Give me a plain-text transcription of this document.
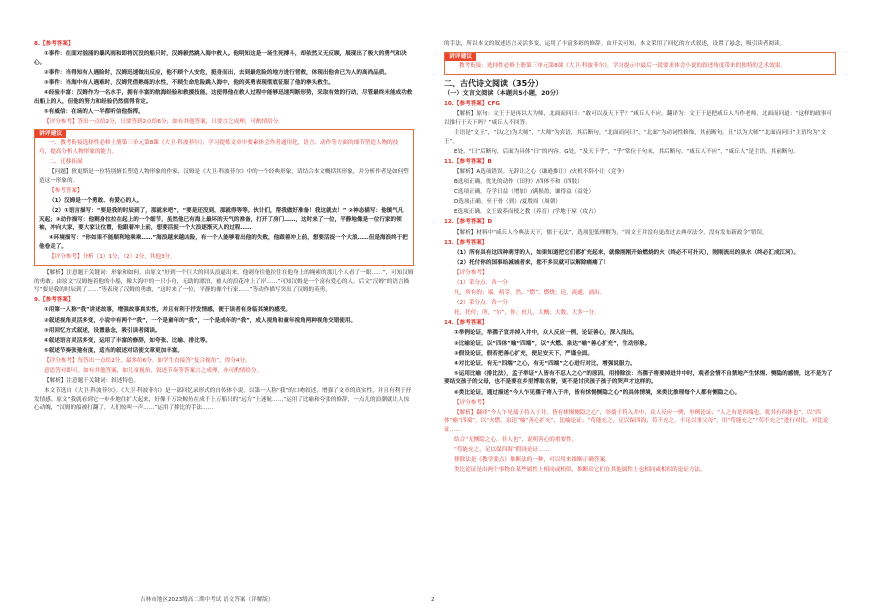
8.【参考答案】

①事件：在面对汹涌的暴风雨和即将沉没的船只时，汉姆毅然跳入海中救人。他明知这是一场生死搏斗，却依然义无反顾，展现出了极大的勇气和决心。

②事件：当得知有人遇险时，汉姆迅速做出反应，他不顾个人安危，挺身而出，去到最危险的地方进行营救，体现出他舍已为人的高尚品质。

③事件：当海中有人遇难时，汉姆凭借熟练的水性，不顾生命危险跳入海中，他的英勇表现彻底征服了他的拳头救生。

④经验丰富：汉姆作为一名水手，拥有丰富的航海经验和救援技能。这使得他在救人过程中能够迅速判断形势，采取有效的行动，尽管最终未能成功救出船上的人，但他的努力和经验仍然值得肯定。

⑤有威信：在场的人一半都听信他指挥。

【评分参考】答出一点给2分，只要答到2点给6分；如有其他答案，只要言之成理，可酌情给分。

讲评建议

一、教考衔接选择性必修上册第三单元第8课《大卫·科波菲尔》，学习提炼文章中要素体会作者通用化，语言、动作等方面的细节塑造人物的技巧，提高分析人物形象的能力。

二、迁移拓展

【问题】狄更斯是一位特别擅长塑造人物形象的作家，汉姆是《大卫·科波菲尔》中的一个经典形象，请结合本文概括其形象，并分析作者是如何塑造这一形象的。

【参考答案】

（1）汉姆是一个勇敢、有爱心的人。

（2）①语言描写：“要是我的时辰到了，那就来吧”，“要是还没到，那就得等等。伙计们，帮我做好准备！我这就去！” ②神态描写：他镇气凡灭起；③动作描写：他剩身拉拉在起上的一个细节，虽然他已有海上最坏的天气的准备，打开了房门……，这时来了一位，平静地像是一位行家的领袖，冲向大家，要大家让位置，他跟着冲上前，想要活捉一个大浪逐渐灭人的过程……

④环境描写：“你如果不能顺利地乘乘……”海浪越来越凶险，有一个人能够看出他的失败，他跟着冲上前，想要活捉一个大浪……但是海浪终于把他卷走了。

【评分参考】分析（1）1分，（2）2分，其他3分。

【解析】注意题干关键词：形象和如何。由原文“好到一个巨大的回头浪逼出来，他刺身往他拉往在他身上的绳索的那几个人看了一眼……”，可知汉姆的勇敢；由原文“汉姆拖着他的小船，像大海中的一只小舟，无助的漂泊，被人的浪花冲上了岸……”可知汉姆是一个富有爱心的人。后文“汉姆”的语言描写“要是我的时辰到了……”等表现了汉姆的勇敢，“这时来了一位，平静的像个行家……”等动作描写突出了汉姆的英勇。

9.【参考答案】

①用第一人称“我”讲述故事，增强故事真实性，并且有利于抒发情感，便于读者有身临其境的感受。

②叙述视角灵活多变，小说中有两个“我”，一个是童年的“我”，一个是成年的“我”，成人视角和童年视角两种视角交错使用。

③用回忆方式叙述，设置悬念，吸引读者阅读。

④叙述语言灵活多变，运用了丰富的修辞，如夸张、比喻、排比等。

⑤叙述节奏张弛有度，适当的叙述对话使文章更加丰富。

【评分参考】每答出一点给2分，最多给6分。如学生直接答“复合视角”，得分4分。

意思答对即可。如有其他答案，如儿童视角、叙述节奏等答案言之成理，亦可酌情给分。

【解析】注意题干关键词：叙述特色。

本文节选自《大卫·科波菲尔》。《大卫·科波菲尔》是一部回忆录形式的自传体小说，以第一人称“我”的口吻叙述，增强了文章的真实性，并且有利于抒发情感。原文“我就看到它一步步地往扩大起来，好像千万块鲸鱼在成千上万船只的“远方”上迷航……”运用了比喻和夸张的修辞，一点儿的浪潮就让人惊心动魄，“汉姆的船被打翻了，人们惊叫一声……”运用了排比的手法……

的手法，所以本文的叙述语言灵活多变，运用了丰富多彩的修辞。由开关可知，本文采用了回忆的方式叙述，设置了悬念，吸引读者阅读。

讲评建议

教考衔接：选择性必修上册第三单元第8课《大卫·科波菲尔》，学习提示中最后一段要求体会小说的叙述角度带来的独特的艺术效果。

二、古代诗文阅读（35分）

（一）文言文阅读（本题共5小题，20分）

10.【参考答案】CFG

【解析】原句：文王于是再以大为师，北面而问曰：“敢可以及天下乎？”咸丘人不应。翻译为：文王于是把咸丘人当作老师，北面而问道：“这样的政事可以推行于天下吗？”咸丘人不回答。

主语是“文王”，“以(之)为大师”，“大师”为宾语，其后断句。“北面而问曰”，“北面”为动词性修饰，其前断句。且“以为大师”“北面而问曰”主语均为“文王”。

E处、“曰”后断句，后面为具体“曰”的内容。G处，“及天下乎”，“乎”常位于句末，其后断句。“咸丘人不应”，“咸丘人”是主语，其前断句。

11.【参考答案】B

【解析】A选项错误。无辞让之心（谦逊推让）/火机不辞小让（竞争）

B选项正确。优先的动作（田狩）/四体不和（四肢）

C选项正确。夺学日益（增加）/满损盈，谦得益（益处）

D选项正确。至于骨（到）/夏殷周（周朝）

E选项正确。文王致养而授之教（养育）/学地于屋（攻占）

12.【参考答案】D

【解析】材料中“咸丘人今典法天下，儒于无法”，选项犯低理解为，“周文王并没有更改过去典章法令，没有发布新政令”错误。

13.【参考答案】

（1）所有具有这四种萌芽的人，如果知道把它们都扩充起来，就像刚刚开始燃烧的火（终必不可扑灭），刚刚流出的泉水（终必汇成江河）。

（2）托付你的国事给减城者来，您不多民就可以解除痛痛了！

【评分参考】

（1）采分点：各一分

凡，所有的；端，萌芽，然，“燃”，燃烧；达，流通，涌出。

（2）采分点：各一分

托，托付；所，“尔”，你；庶几，大概；大数，大多一分。

14.【参考答案】

①举例论证，举孺子宣并掉入井中，众人反应一例，论证善心，深入浅出。

②比喻论证，以“四体”喻“四端”，以“火燃、泉达”喻“善心扩充”，生动形象。

③假设论证，假若把善心扩充，便足安天下，严谨全面。

④对比论证，有无“四端”之心，有无“四端”之心进行对比，增强说服力。

⑤运用比喻（排比法），孟子举证“人皆有不忍人之心”的原因，用排除法：当孺子将要掉进井中时，观者会情不自禁地产生怵惕、恻隐的感情，这不是为了要结交孩子的父母，也不是要在乡里博取名誉，更不是讨厌孩子孩子的哭声才这样的。

⑥类比论证，通过描述“今人乍见孺子将入于井，皆有怵惕恻隐之心”的具体情境，来类比推理每个人都有恻隐之心。

【评分参考】

【解析】翻译“今人乍见孺子将入于井，皆有怵惕恻隐之心”，举孺子将入井中，众人反应一例，举例论证；“人之有是四端也，犹其有四体也”，以“四体”喻“四端”，以“火燃、泉达”喻“善心扩充”，比喻论证；“苟能充之，足以保四海；苟不充之，不足以事父母”，用“苟能充之”“苟不充之”进行对比，对比论证……

结合“无恻隐之心，非人也”，说明善心的重要性。

“苟能充之，足以保四海”假设论证……

排除法是《教学要点》推断法的一种，可以用来推断正确答案。

类比论证是由两个事物在某些属性上相同或相似，推断出它们在其他属性上也相同或相似的论证方法。

吉林市地区2023级高二期中考试 语文答案（详解版）	2
